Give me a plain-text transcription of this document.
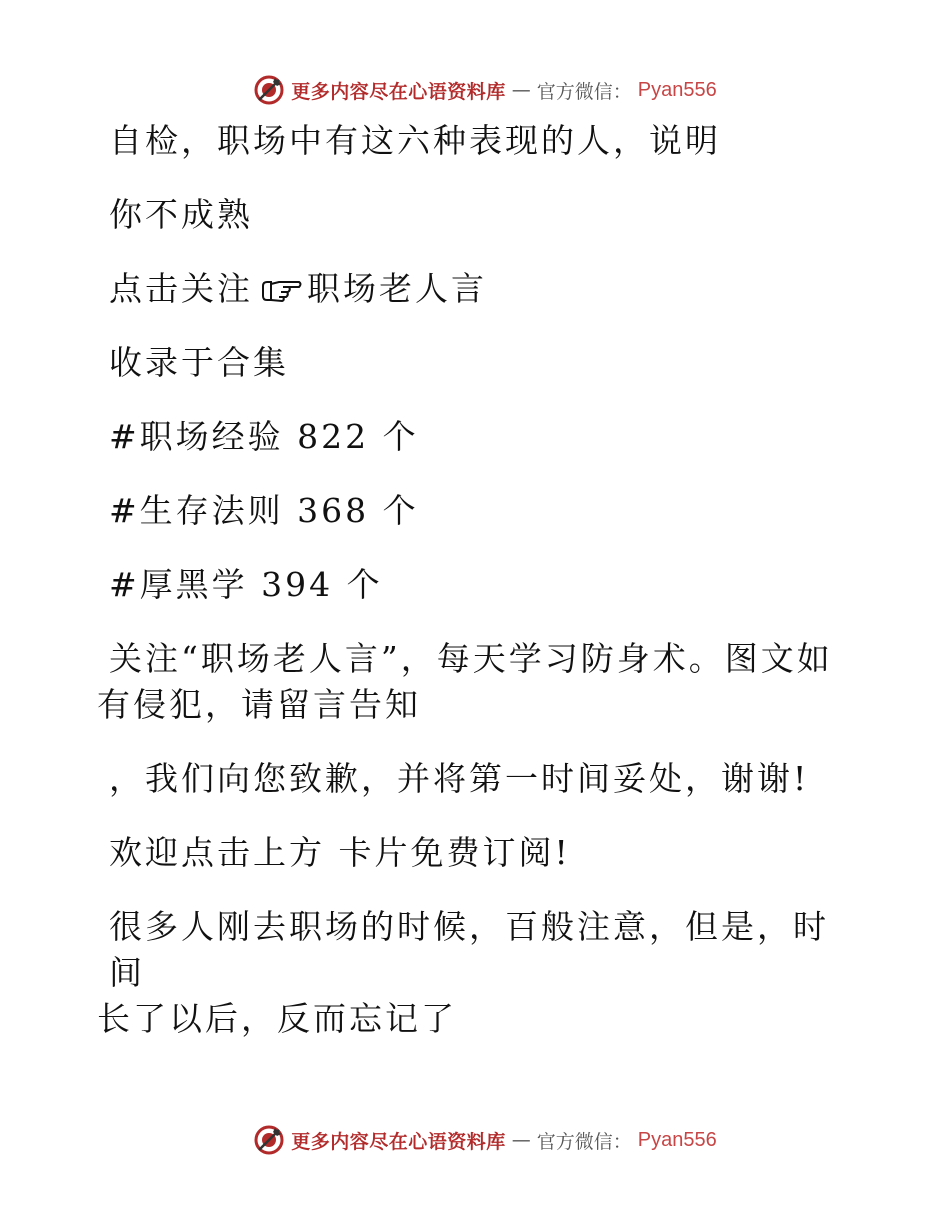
更多内容尽在心语资料库 — 官方微信： Pyan556

自检，职场中有这六种表现的人，说明

你不成熟

点击关注 职场老人言

收录于合集

#职场经验 822 个

#生存法则 368 个

#厚黑学 394 个

关注“职场老人言”，每天学习防身术。图文如

有侵犯，请留言告知

，我们向您致歉，并将第一时间妥处，谢谢!

欢迎点击上方 卡片免费订阅!

很多人刚去职场的时候，百般注意，但是，时间

长了以后，反而忘记了

更多内容尽在心语资料库 — 官方微信： Pyan556
